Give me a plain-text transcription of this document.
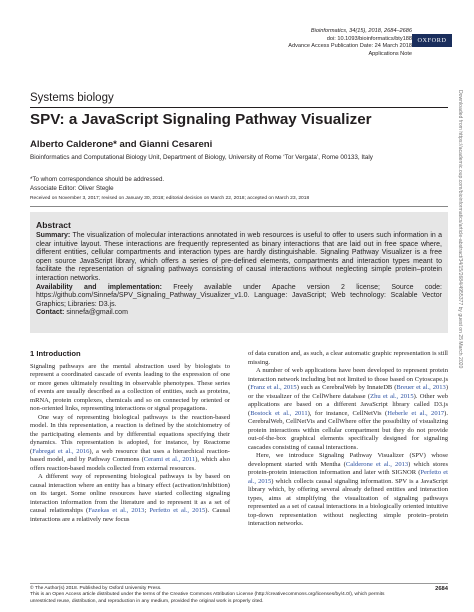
Bioinformatics, 34(15), 2018, 2684–2686
doi: 10.1093/bioinformatics/bty188
Advance Access Publication Date: 24 March 2018
Applications Note
OXFORD
Systems biology
SPV: a JavaScript Signaling Pathway Visualizer
Alberto Calderone* and Gianni Cesareni
Bioinformatics and Computational Biology Unit, Department of Biology, University of Rome ‘Tor Vergata’, Rome 00133, Italy
*To whom correspondence should be addressed.
Associate Editor: Oliver Stegle
Received on November 3, 2017; revised on January 30, 2018; editorial decision on March 22, 2018; accepted on March 23, 2018
Abstract
Summary: The visualization of molecular interactions annotated in web resources is useful to offer to users such information in a clear intuitive layout. These interactions are frequently represented as binary interactions that are laid out in free space where, different entities, cellular compartments and interaction types are hardly distinguishable. Signaling Pathway Visualizer is a free open source JavaScript library, which offers a series of pre-defined elements, compartments and interaction types meant to facilitate the representation of signaling pathways consisting of causal interactions without neglecting simple protein–protein interaction networks.
Availability and implementation: Freely available under Apache version 2 license; Source code: https://github.com/Sinnefa/SPV_Signaling_Pathway_Visualizer_v1.0. Language: JavaScript; Web technology: Scalable Vector Graphics; Libraries: D3.js.
Contact: sinnefa@gmail.com
1 Introduction

Signaling pathways are the mental abstraction used by biologists to represent a coordinated cascade of events leading to the expression of one or more genes ultimately resulting in observable phenotypes. These series of events are usually described as a collection of entities, such as proteins, mRNA, protein complexes, chemicals and so on connected by oriented or non-oriented links, representing interactions or signal propagations.

One way of representing biological pathways is the reaction-based model. In this representation, a reaction is defined by the stoichiometry of the participating elements and by differential equations specifying their dynamics. This representation is adopted, for instance, by Reactome (Fabregat et al., 2016), a web resource that uses a hierarchical reaction-based model, and by Pathway Commons (Cerami et al., 2011), which also offers reaction-based models collected from external resources.

A different way of representing biological pathways is by based on causal interaction where an entity has a binary effect (activation/inhibition) on its target. Some online resources have started collecting signaling interaction information from the literature and to represent it as a set of causal relationships (Fazekas et al., 2013; Perfetto et al., 2015). Causal interactions are a relatively new focus

of data curation and, as such, a clear automatic graphic representation is still missing.

A number of web applications have been developed to represent protein interaction network including but not limited to those based on Cytoscape.js (Franz et al., 2015) such as CerebralWeb by InnateDB (Breuer et al., 2013) or the visualizer of the CellWhere database (Zhu et al., 2015). Other web applications are based on a different JavaScript library called D3.js (Bostock et al., 2011), for instance, CellNetVis (Heberle et al., 2017). CerebralWeb, CellNetVis and CellWhere offer the possibility of visualizing protein interactions within cellular compartment but they do not provide out-of-the-box graphical elements specifically designed for signaling cascades consisting of causal interactions.

Here, we introduce Signaling Pathway Visualizer (SPV) whose development started with Mentha (Calderone et al., 2013) which stores protein-protein interaction information and later with SIGNOR (Perfetto et al., 2015) which collects causal signaling information. SPV is a JavaScript library which, by offering several already defined entities and interaction types, aims at simplifying the visualization of signaling pathways represented as a set of causal interactions in a biologically oriented intuitive top-down representation without neglecting simple protein–protein interaction networks.

Downloaded from https://academic.oup.com/bioinformatics/article-abstract/34/15/2684/4955377 by guest on 25 March 2020
© The Author(s) 2018. Published by Oxford University Press.
This is an Open Access article distributed under the terms of the Creative Commons Attribution License (http://creativecommons.org/licenses/by/4.0/), which permits unrestricted reuse, distribution, and reproduction in any medium, provided the original work is properly cited.
2684
